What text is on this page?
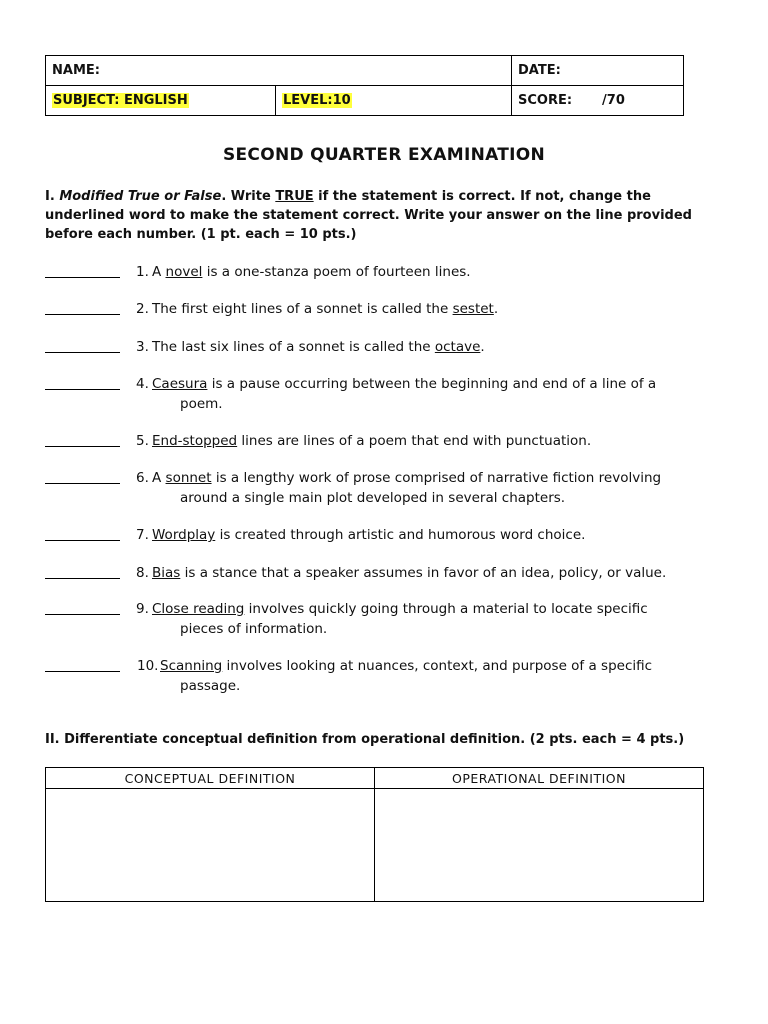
NAME:		DATE:
SUBJECT: ENGLISH	LEVEL:10	SCORE: /70
SECOND QUARTER EXAMINATION
I. Modified True or False. Write TRUE if the statement is correct. If not, change the underlined word to make the statement correct. Write your answer on the line provided before each number. (1 pt. each = 10 pts.)
1. A novel is a one-stanza poem of fourteen lines.
2. The first eight lines of a sonnet is called the sestet.
3. The last six lines of a sonnet is called the octave.
4. Caesura is a pause occurring between the beginning and end of a line of a
poem.
5. End-stopped lines are lines of a poem that end with punctuation.
6. A sonnet is a lengthy work of prose comprised of narrative fiction revolving
around a single main plot developed in several chapters.
7. Wordplay is created through artistic and humorous word choice.
8. Bias is a stance that a speaker assumes in favor of an idea, policy, or value.
9. Close reading involves quickly going through a material to locate specific
pieces of information.
10. Scanning involves looking at nuances, context, and purpose of a specific
passage.
II. Differentiate conceptual definition from operational definition. (2 pts. each = 4 pts.)
CONCEPTUAL DEFINITION	OPERATIONAL DEFINITION
